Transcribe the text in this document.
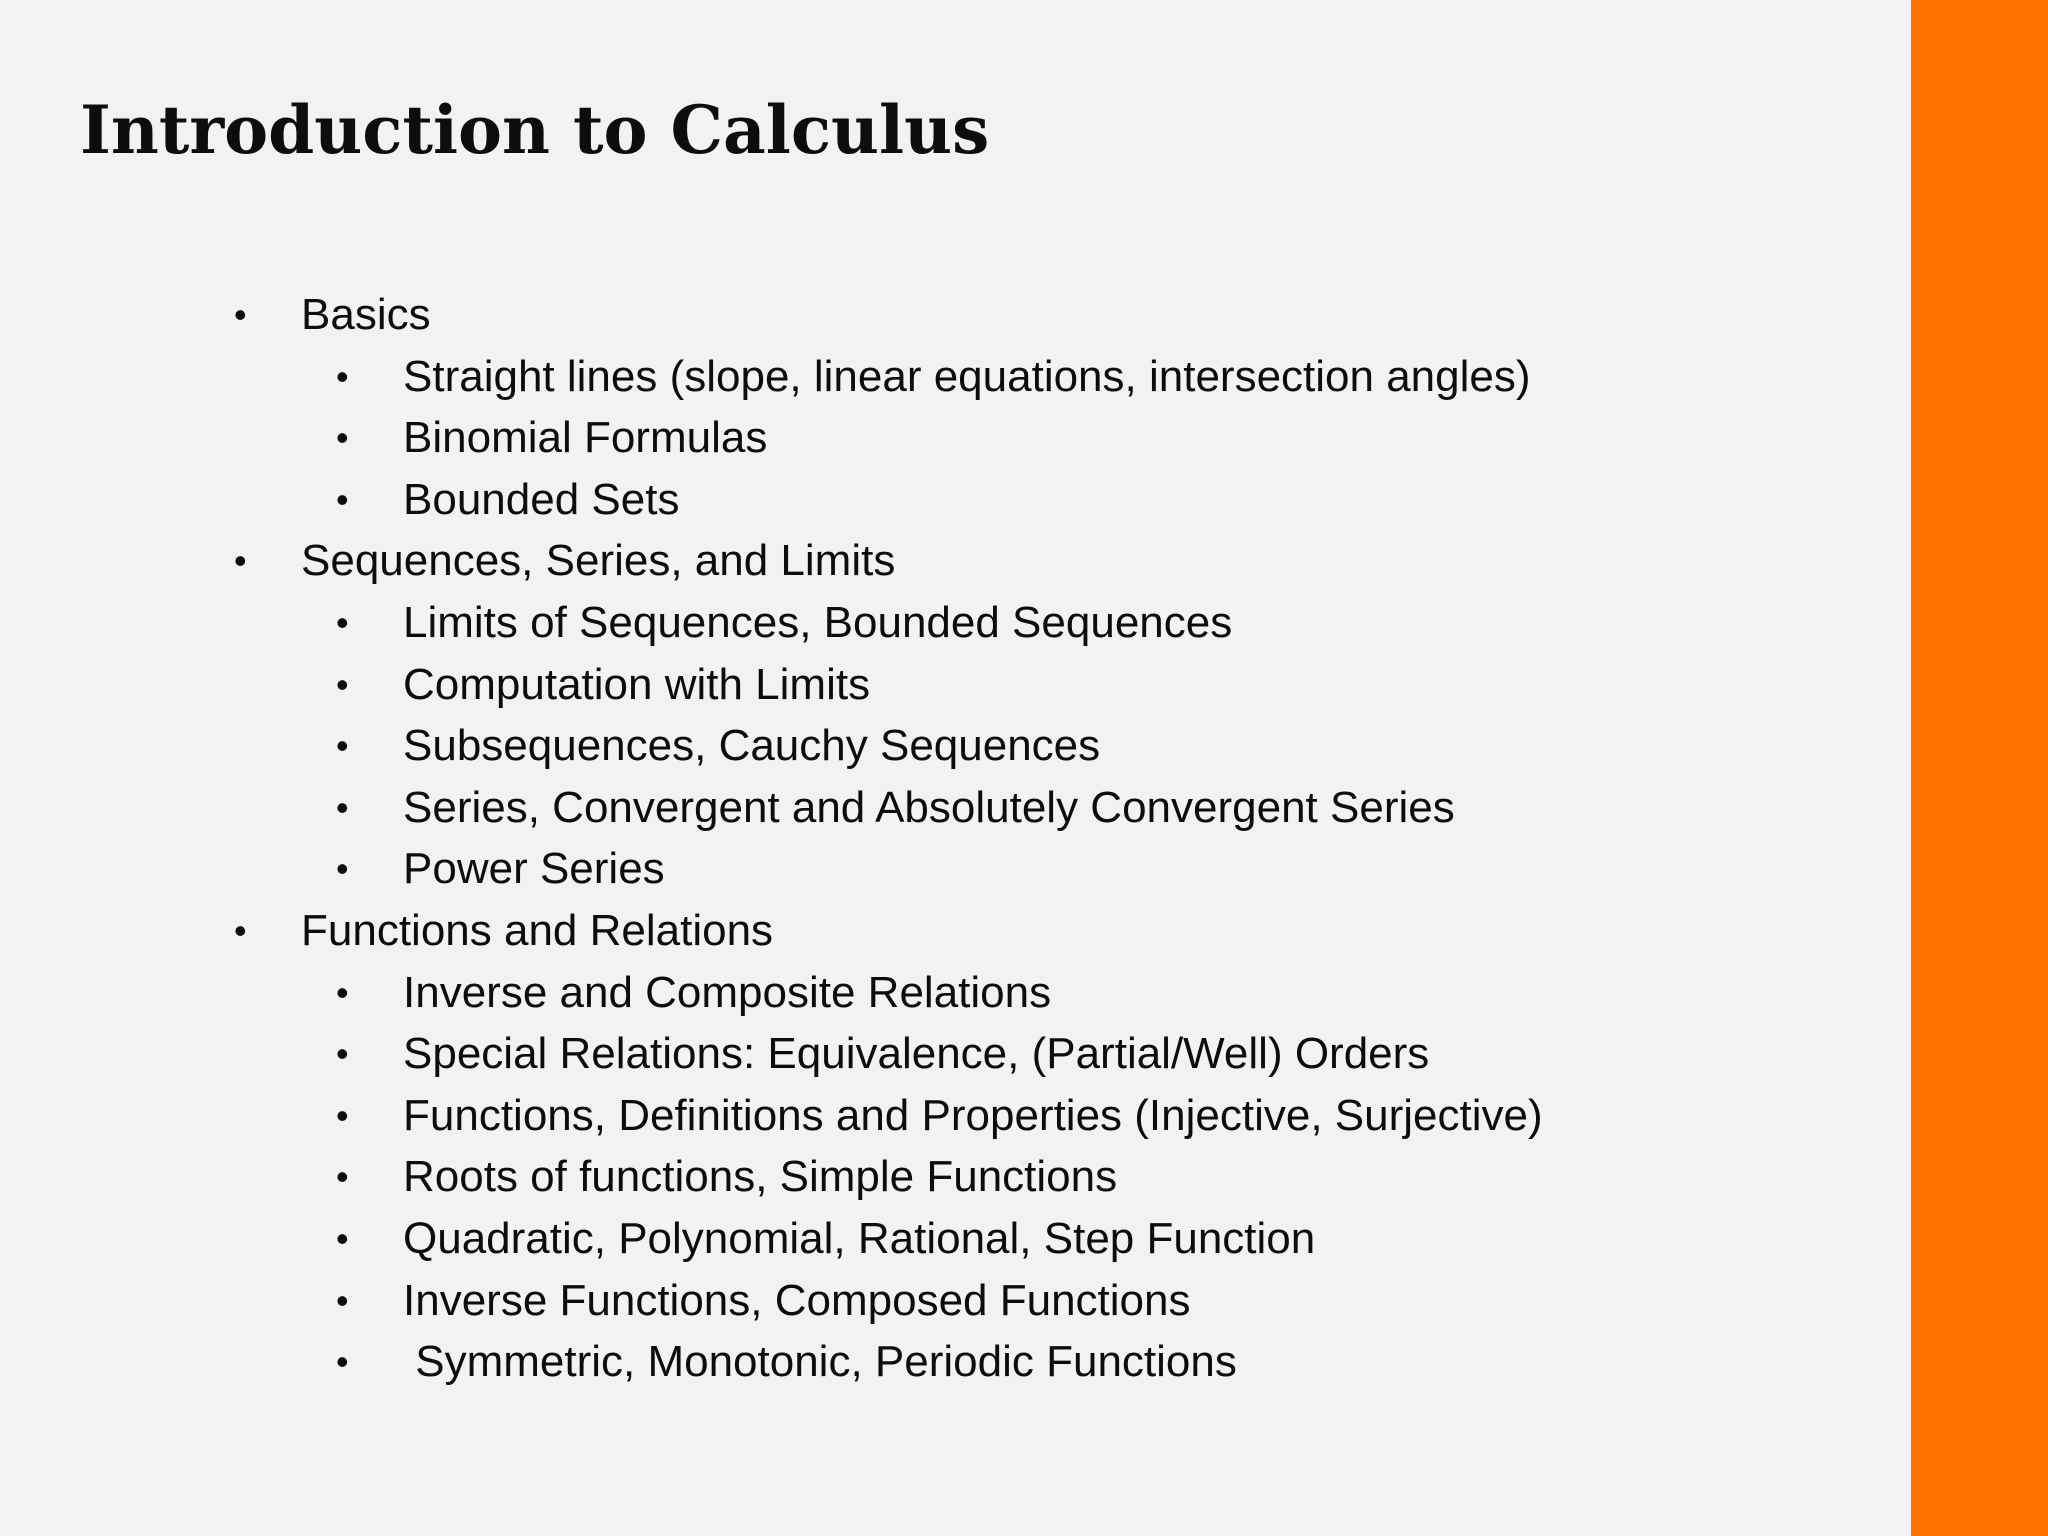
Introduction to Calculus
• Basics
• Straight lines (slope, linear equations, intersection angles)
• Binomial Formulas
• Bounded Sets
• Sequences, Series, and Limits
• Limits of Sequences, Bounded Sequences
• Computation with Limits
• Subsequences, Cauchy Sequences
• Series, Convergent and Absolutely Convergent Series
• Power Series
• Functions and Relations
• Inverse and Composite Relations
• Special Relations: Equivalence, (Partial/Well) Orders
• Functions, Definitions and Properties (Injective, Surjective)
• Roots of functions, Simple Functions
• Quadratic, Polynomial, Rational, Step Function
• Inverse Functions, Composed Functions
• Symmetric, Monotonic, Periodic Functions
